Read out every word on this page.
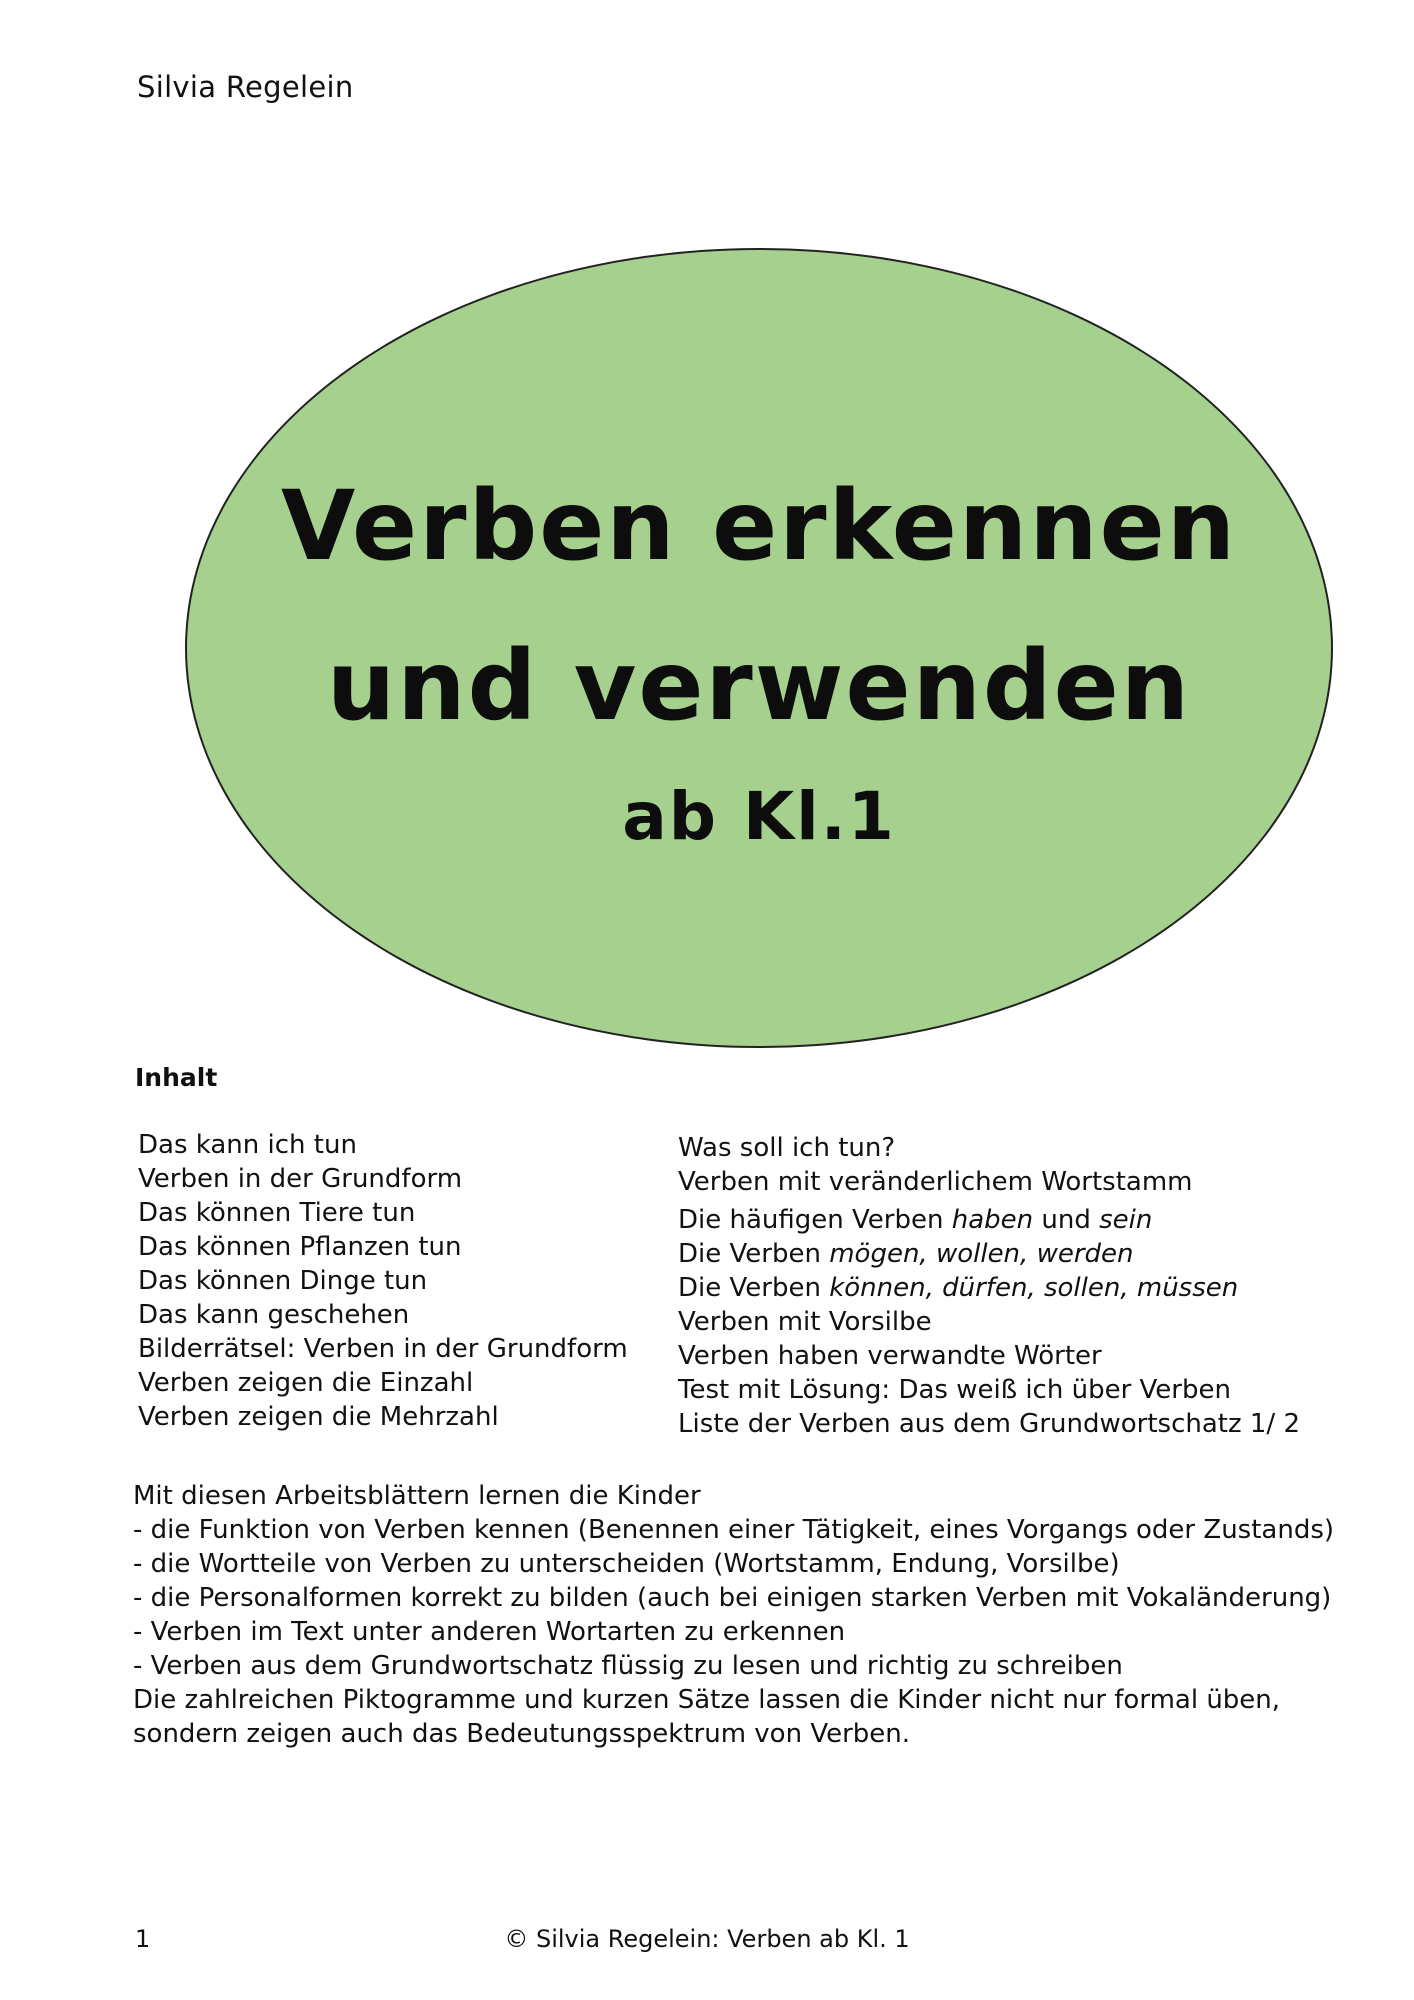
Silvia Regelein
Verben erkennen
und verwenden
ab Kl.1
Inhalt
Das kann ich tun
Verben in der Grundform
Das können Tiere tun
Das können Pflanzen tun
Das können Dinge tun
Das kann geschehen
Bilderrätsel: Verben in der Grundform
Verben zeigen die Einzahl
Verben zeigen die Mehrzahl
Was soll ich tun?
Verben mit veränderlichem Wortstamm
Die häufigen Verben haben und sein
Die Verben mögen, wollen, werden
Die Verben können, dürfen, sollen, müssen
Verben mit Vorsilbe
Verben haben verwandte Wörter
Test mit Lösung: Das weiß ich über Verben
Liste der Verben aus dem Grundwortschatz 1/ 2

Mit diesen Arbeitsblättern lernen die Kinder

- die Funktion von Verben kennen (Benennen einer Tätigkeit, eines Vorgangs oder Zustands)
- die Wortteile von Verben zu unterscheiden (Wortstamm, Endung, Vorsilbe)
- die Personalformen korrekt zu bilden (auch bei einigen starken Verben mit Vokaländerung)
- Verben im Text unter anderen Wortarten zu erkennen
- Verben aus dem Grundwortschatz flüssig zu lesen und richtig zu schreiben

Die zahlreichen Piktogramme und kurzen Sätze lassen die Kinder nicht nur formal üben, sondern zeigen auch das Bedeutungsspektrum von Verben.

1	© Silvia Regelein: Verben ab Kl. 1
